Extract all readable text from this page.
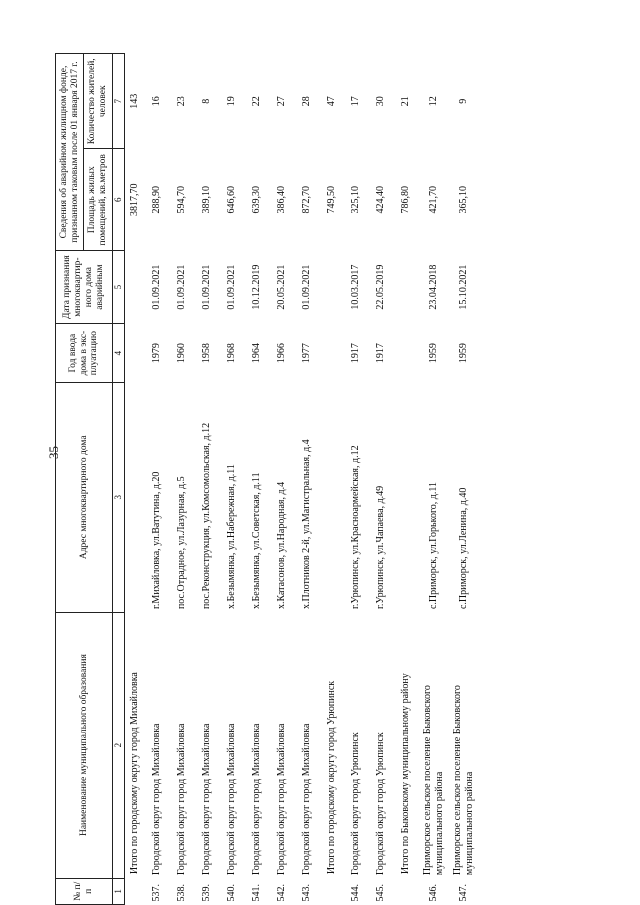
35
№ п/п	Наименование муниципального образования	Адрес многоквартирного дома	Год ввода дома в экс-плуатацию	Дата признания многоквартир-ного дома аварийным	Сведения об аварийном жилищном фонде, признанном таковым после 01 января 2017 г.	
					Площадь жилых помещений, кв.метров	Количество жителей, человек
1	2	3	4	5	6	7
	Итого по городскому округу город Михайловка				3817,70	143
537.	Городской округ город Михайловка	г.Михайловка, ул.Ватутина, д.20	1979	01.09.2021	288,90	16
538.	Городской округ город Михайловка	пос.Отрадное, ул.Лазурная, д.5	1960	01.09.2021	594,70	23
539.	Городской округ город Михайловка	пос.Реконструкция, ул.Комсомольская, д.12	1958	01.09.2021	389,10	8
540.	Городской округ город Михайловка	х.Безымянка, ул.Набережная, д.11	1968	01.09.2021	646,60	19
541.	Городской округ город Михайловка	х.Безымянка, ул.Советская, д.11	1964	10.12.2019	639,30	22
542.	Городской округ город Михайловка	х.Катасонов, ул.Народная, д.4	1966	20.05.2021	386,40	27
543.	Городской округ город Михайловка	х.Плотников 2-й, ул.Магистральная, д.4	1977	01.09.2021	872,70	28
	Итого по городскому округу город Урюпинск				749,50	47
544.	Городской округ город Урюпинск	г.Урюпинск, ул.Красноармейская, д.12	1917	10.03.2017	325,10	17
545.	Городской округ город Урюпинск	г.Урюпинск, ул.Чапаева, д.49	1917	22.05.2019	424,40	30
	Итого по Быковскому муниципальному району				786,80	21
546.	Приморское сельское поселение Быковского муниципального района	с.Приморск, ул.Горького, д.11	1959	23.04.2018	421,70	12
547.	Приморское сельское поселение Быковского муниципального района	с.Приморск, ул.Ленина, д.40	1959	15.10.2021	365,10	9
